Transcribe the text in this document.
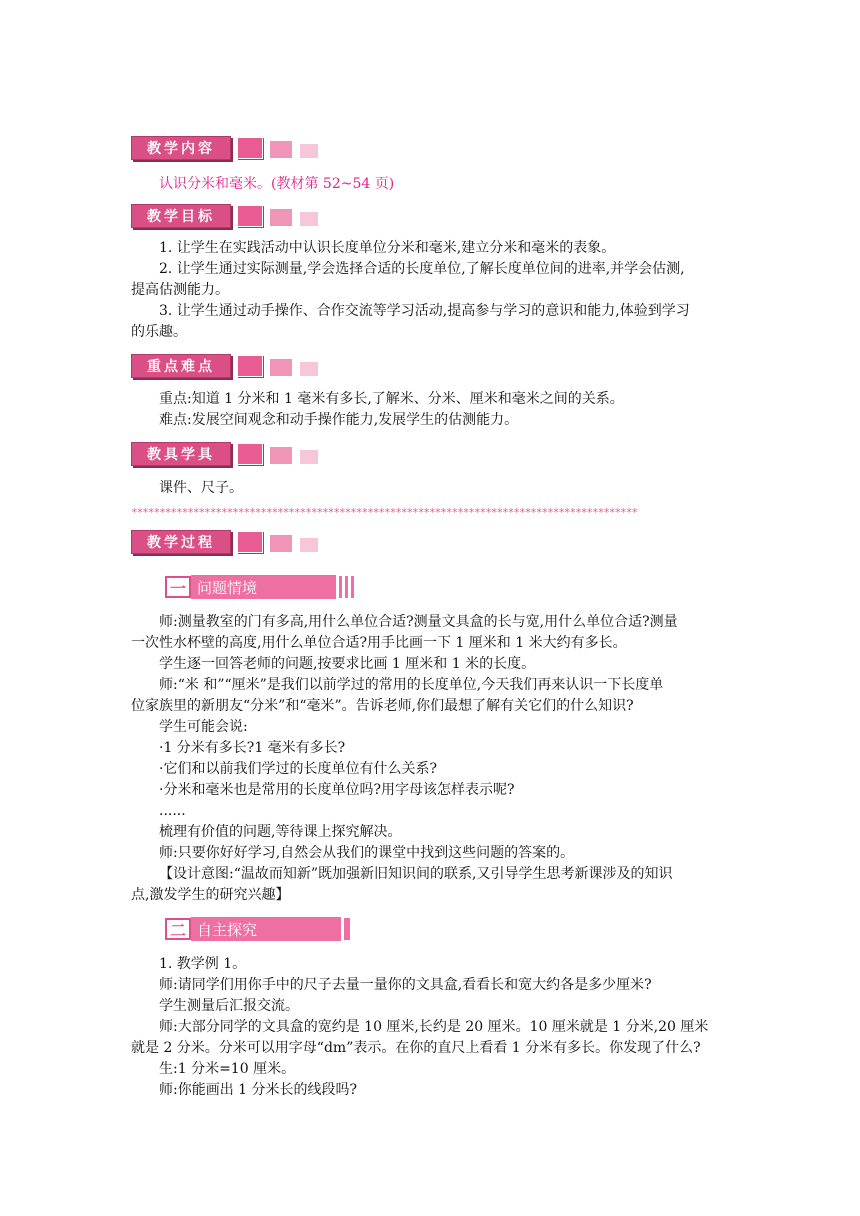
教学内容

认识分米和毫米。(教材第 52~54 页)

教学目标

1. 让学生在实践活动中认识长度单位分米和毫米,建立分米和毫米的表象。

2. 让学生通过实际测量,学会选择合适的长度单位,了解长度单位间的进率,并学会估测,

提高估测能力。

3. 让学生通过动手操作、合作交流等学习活动,提高参与学习的意识和能力,体验到学习

的乐趣。

重点难点

重点:知道 1 分米和 1 毫米有多长,了解米、分米、厘米和毫米之间的关系。

难点:发展空间观念和动手操作能力,发展学生的估测能力。

教具学具

课件、尺子。

******************************************************************************************
教学过程
一 问题情境

师:测量教室的门有多高,用什么单位合适?测量文具盒的长与宽,用什么单位合适?测量

一次性水杯壁的高度,用什么单位合适?用手比画一下 1 厘米和 1 米大约有多长。

学生逐一回答老师的问题,按要求比画 1 厘米和 1 米的长度。

师:“米 和”“厘米”是我们以前学过的常用的长度单位,今天我们再来认识一下长度单

位家族里的新朋友“分米”和“毫米”。告诉老师,你们最想了解有关它们的什么知识?

学生可能会说:

·1 分米有多长?1 毫米有多长?

·它们和以前我们学过的长度单位有什么关系?

·分米和毫米也是常用的长度单位吗?用字母该怎样表示呢?

......

梳理有价值的问题,等待课上探究解决。

师:只要你好好学习,自然会从我们的课堂中找到这些问题的答案的。

【设计意图:“温故而知新”既加强新旧知识间的联系,又引导学生思考新课涉及的知识

点,激发学生的研究兴趣】

二 自主探究

1. 教学例 1。

师:请同学们用你手中的尺子去量一量你的文具盒,看看长和宽大约各是多少厘米?

学生测量后汇报交流。

师:大部分同学的文具盒的宽约是 10 厘米,长约是 20 厘米。10 厘米就是 1 分米,20 厘米

就是 2 分米。分米可以用字母“dm”表示。在你的直尺上看看 1 分米有多长。你发现了什么?

生:1 分米=10 厘米。

师:你能画出 1 分米长的线段吗?
